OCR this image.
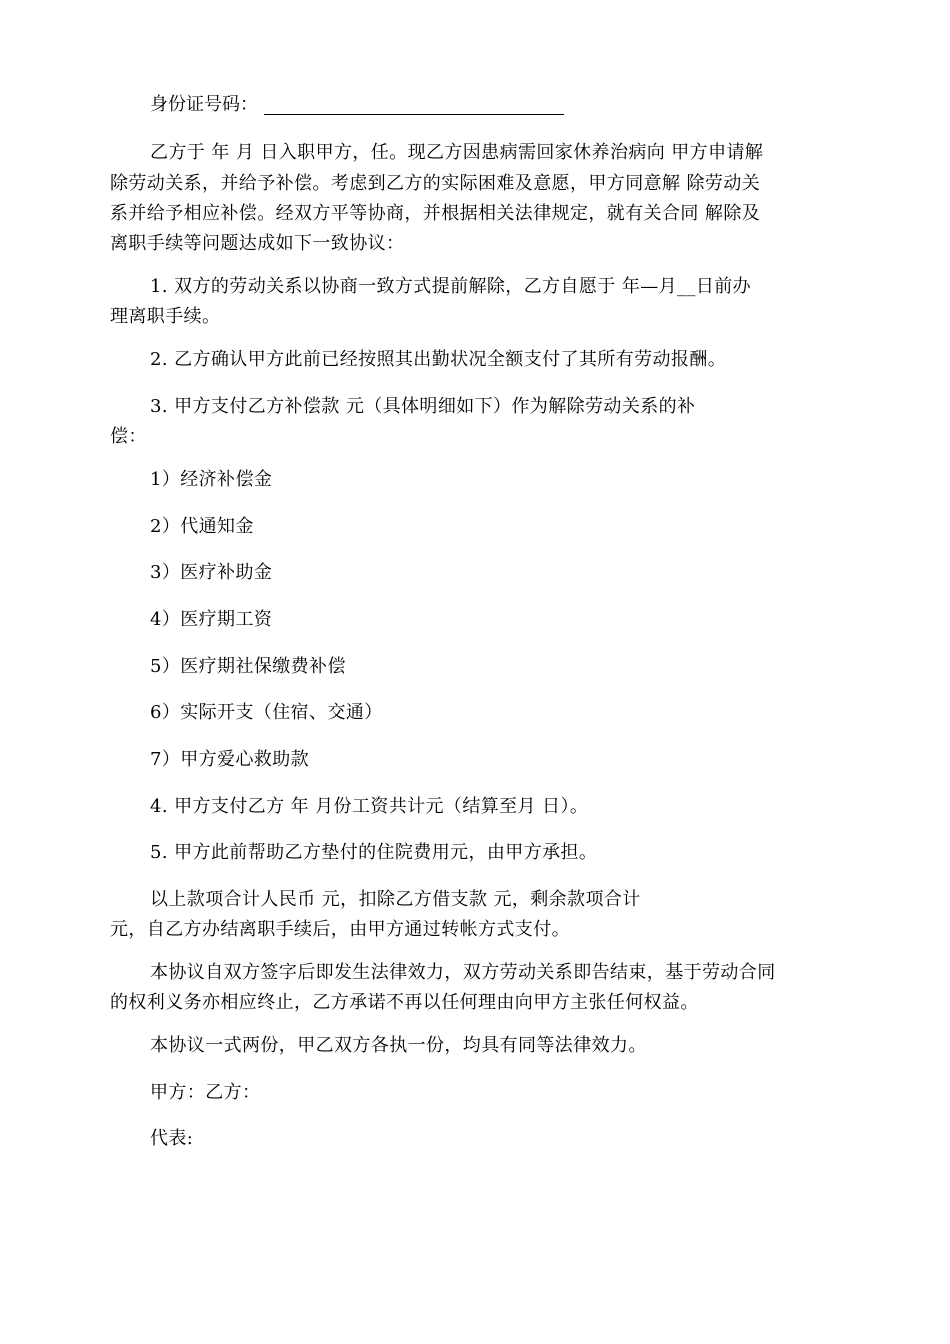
身份证号码：
乙方于 年 月 日入职甲方，任。现乙方因患病需回家休养治病向 甲方申请解
除劳动关系，并给予补偿。考虑到乙方的实际困难及意愿，甲方同意解 除劳动关
系并给予相应补偿。经双方平等协商，并根据相关法律规定，就有关合同 解除及
离职手续等问题达成如下一致协议：
1. 双方的劳动关系以协商一致方式提前解除，乙方自愿于 年—月__日前办
理离职手续。
2. 乙方确认甲方此前已经按照其出勤状况全额支付了其所有劳动报酬。
3. 甲方支付乙方补偿款 元（具体明细如下）作为解除劳动关系的补
偿：
1）经济补偿金
2）代通知金
3）医疗补助金
4）医疗期工资
5）医疗期社保缴费补偿
6）实际开支（住宿、交通）
7）甲方爱心救助款
4. 甲方支付乙方 年 月份工资共计元（结算至月 日）。
5. 甲方此前帮助乙方垫付的住院费用元，由甲方承担。
以上款项合计人民币 元，扣除乙方借支款 元，剩余款项合计
元，自乙方办结离职手续后，由甲方通过转帐方式支付。
本协议自双方签字后即发生法律效力，双方劳动关系即告结束，基于劳动合同
的权利义务亦相应终止，乙方承诺不再以任何理由向甲方主张任何权益。
本协议一式两份，甲乙双方各执一份，均具有同等法律效力。
甲方：乙方：
代表:
